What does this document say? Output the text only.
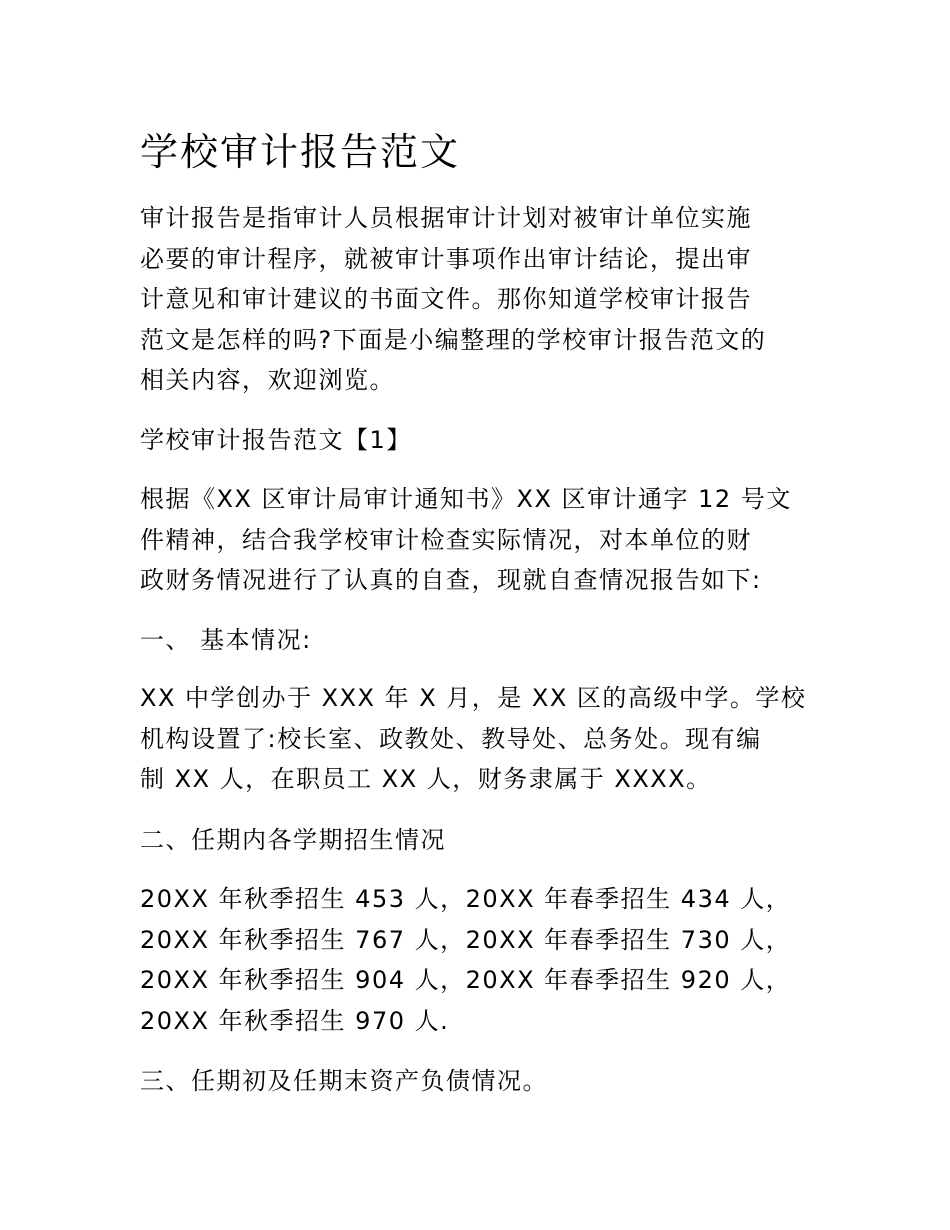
学校审计报告范文

审计报告是指审计人员根据审计计划对被审计单位实施
必要的审计程序，就被审计事项作出审计结论，提出审
计意见和审计建议的书面文件。那你知道学校审计报告
范文是怎样的吗?下面是小编整理的学校审计报告范文的
相关内容，欢迎浏览。

学校审计报告范文【1】

根据《XX 区审计局审计通知书》XX 区审计通字 12 号文
件精神，结合我学校审计检查实际情况，对本单位的财
政财务情况进行了认真的自查，现就自查情况报告如下:

一、 基本情况:

XX 中学创办于 XXX 年 X 月，是 XX 区的高级中学。学校
机构设置了:校长室、政教处、教导处、总务处。现有编
制 XX 人，在职员工 XX 人，财务隶属于 XXXX。

二、任期内各学期招生情况

20XX 年秋季招生 453 人，20XX 年春季招生 434 人，
20XX 年秋季招生 767 人，20XX 年春季招生 730 人，
20XX 年秋季招生 904 人，20XX 年春季招生 920 人，
20XX 年秋季招生 970 人.

三、任期初及任期末资产负债情况。
